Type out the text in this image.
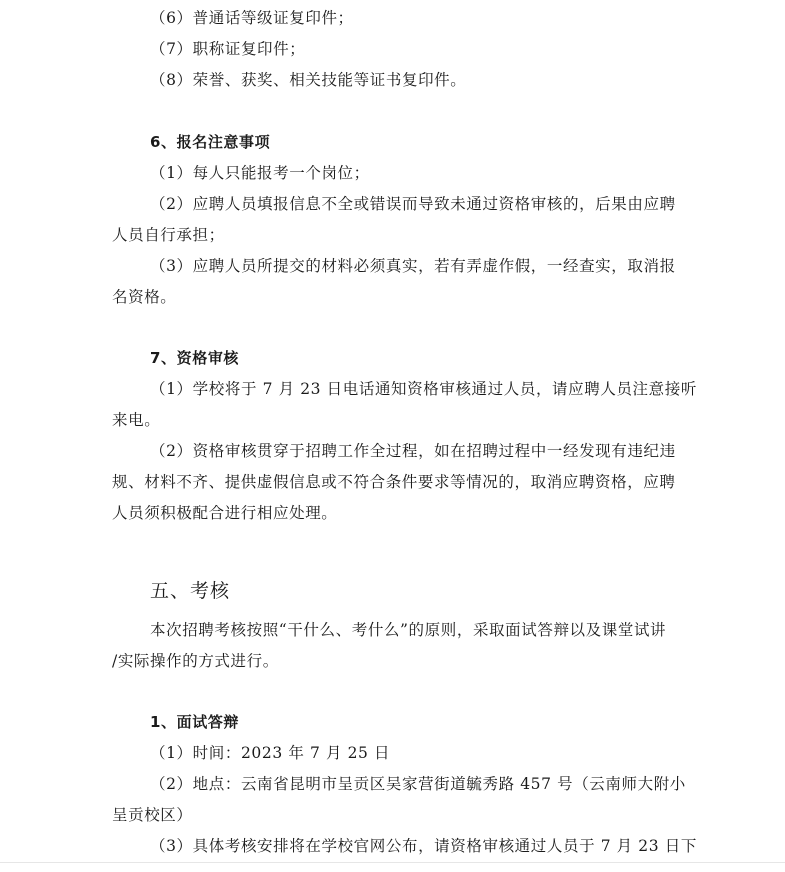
（6）普通话等级证复印件；
（7）职称证复印件；
（8）荣誉、获奖、相关技能等证书复印件。
6、报名注意事项
（1）每人只能报考一个岗位；
（2）应聘人员填报信息不全或错误而导致未通过资格审核的，后果由应聘
人员自行承担；
（3）应聘人员所提交的材料必须真实，若有弄虚作假，一经查实，取消报
名资格。
7、资格审核
（1）学校将于 7 月 23 日电话通知资格审核通过人员，请应聘人员注意接听
来电。
（2）资格审核贯穿于招聘工作全过程，如在招聘过程中一经发现有违纪违
规、材料不齐、提供虚假信息或不符合条件要求等情况的，取消应聘资格，应聘
人员须积极配合进行相应处理。
五、考核
本次招聘考核按照“干什么、考什么”的原则，采取面试答辩以及课堂试讲
/实际操作的方式进行。
1、面试答辩
（1）时间：2023 年 7 月 25 日
（2）地点：云南省昆明市呈贡区吴家营街道毓秀路 457 号（云南师大附小
呈贡校区）
（3）具体考核安排将在学校官网公布，请资格审核通过人员于 7 月 23 日下
